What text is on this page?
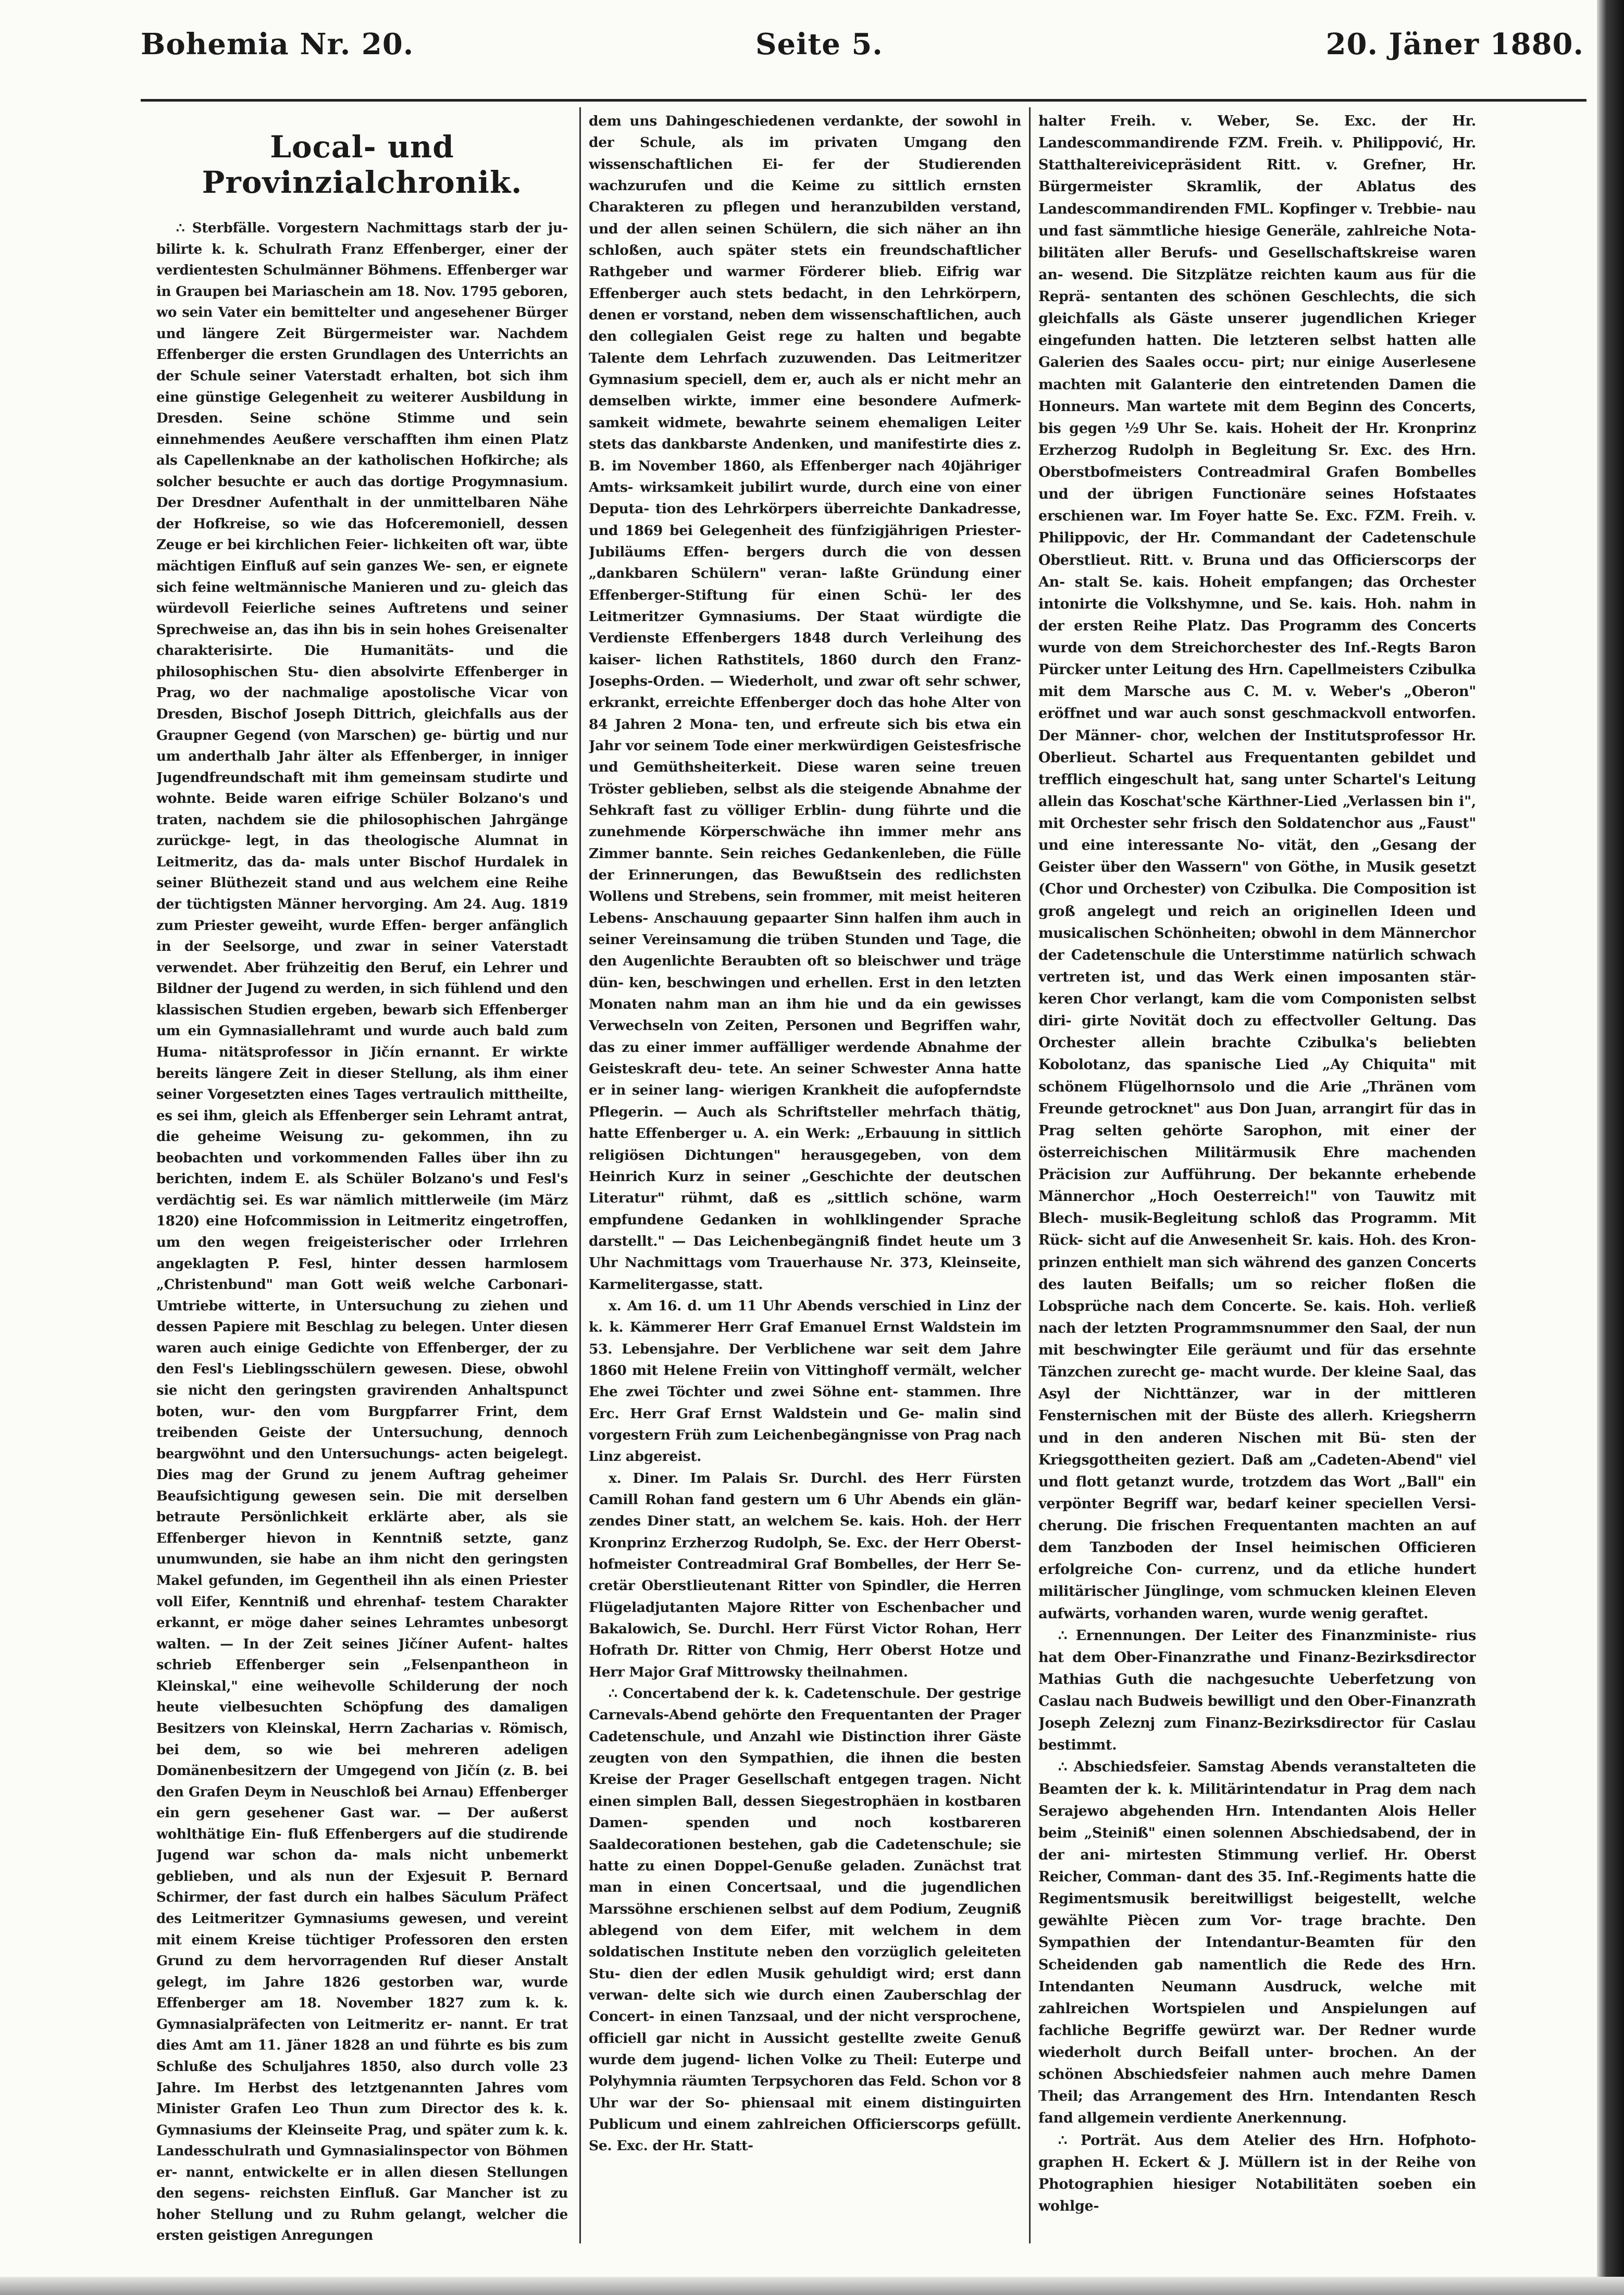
Bohemia Nr. 20.	Seite 5.	20. Jäner 1880.
Local- und Provinzialchronik.

∴ Sterbfälle. Vorgestern Nachmittags starb der ju- bilirte k. k. Schulrath Franz Effenberger, einer der verdientesten Schulmänner Böhmens. Effenberger war in Graupen bei Mariaschein am 18. Nov. 1795 geboren, wo sein Vater ein bemittelter und angesehener Bürger und längere Zeit Bürgermeister war. Nachdem Effenberger die ersten Grundlagen des Unterrichts an der Schule seiner Vaterstadt erhalten, bot sich ihm eine günstige Gelegenheit zu weiterer Ausbildung in Dresden. Seine schöne Stimme und sein einnehmendes Aeußere verschafften ihm einen Platz als Capellenknabe an der katholischen Hofkirche; als solcher besuchte er auch das dortige Progymnasium. Der Dresdner Aufenthalt in der unmittelbaren Nähe der Hofkreise, so wie das Hofceremoniell, dessen Zeuge er bei kirchlichen Feier- lichkeiten oft war, übte mächtigen Einfluß auf sein ganzes We- sen, er eignete sich feine weltmännische Manieren und zu- gleich das würdevoll Feierliche seines Auftretens und seiner Sprechweise an, das ihn bis in sein hohes Greisenalter charakterisirte. Die Humanitäts- und die philosophischen Stu- dien absolvirte Effenberger in Prag, wo der nachmalige apostolische Vicar von Dresden, Bischof Joseph Dittrich, gleichfalls aus der Graupner Gegend (von Marschen) ge- bürtig und nur um anderthalb Jahr älter als Effenberger, in inniger Jugendfreundschaft mit ihm gemeinsam studirte und wohnte. Beide waren eifrige Schüler Bolzano's und traten, nachdem sie die philosophischen Jahrgänge zurückge- legt, in das theologische Alumnat in Leitmeritz, das da- mals unter Bischof Hurdalek in seiner Blüthezeit stand und aus welchem eine Reihe der tüchtigsten Männer hervorging. Am 24. Aug. 1819 zum Priester geweiht, wurde Effen- berger anfänglich in der Seelsorge, und zwar in seiner Vaterstadt verwendet. Aber frühzeitig den Beruf, ein Lehrer und Bildner der Jugend zu werden, in sich fühlend und den klassischen Studien ergeben, bewarb sich Effenberger um ein Gymnasiallehramt und wurde auch bald zum Huma- nitätsprofessor in Jičín ernannt. Er wirkte bereits längere Zeit in dieser Stellung, als ihm einer seiner Vorgesetzten eines Tages vertraulich mittheilte, es sei ihm, gleich als Effenberger sein Lehramt antrat, die geheime Weisung zu- gekommen, ihn zu beobachten und vorkommenden Falles über ihn zu berichten, indem E. als Schüler Bolzano's und Fesl's verdächtig sei. Es war nämlich mittlerweile (im März 1820) eine Hofcommission in Leitmeritz eingetroffen, um den wegen freigeisterischer oder Irrlehren angeklagten P. Fesl, hinter dessen harmlosem „Christenbund" man Gott weiß welche Carbonari-Umtriebe witterte, in Untersuchung zu ziehen und dessen Papiere mit Beschlag zu belegen. Unter diesen waren auch einige Gedichte von Effenberger, der zu den Fesl's Lieblingsschülern gewesen. Diese, obwohl sie nicht den geringsten gravirenden Anhaltspunct boten, wur- den vom Burgpfarrer Frint, dem treibenden Geiste der Untersuchung, dennoch beargwöhnt und den Untersuchungs- acten beigelegt. Dies mag der Grund zu jenem Auftrag geheimer Beaufsichtigung gewesen sein. Die mit derselben betraute Persönlichkeit erklärte aber, als sie Effenberger hievon in Kenntniß setzte, ganz unumwunden, sie habe an ihm nicht den geringsten Makel gefunden, im Gegentheil ihn als einen Priester voll Eifer, Kenntniß und ehrenhaf- testem Charakter erkannt, er möge daher seines Lehramtes unbesorgt walten. — In der Zeit seines Jičíner Aufent- haltes schrieb Effenberger sein „Felsenpantheon in Kleinskal," eine weihevolle Schilderung der noch heute vielbesuchten Schöpfung des damaligen Besitzers von Kleinskal, Herrn Zacharias v. Römisch, bei dem, so wie bei mehreren adeligen Domänenbesitzern der Umgegend von Jičín (z. B. bei den Grafen Deym in Neuschloß bei Arnau) Effenberger ein gern gesehener Gast war. — Der außerst wohlthätige Ein- fluß Effenbergers auf die studirende Jugend war schon da- mals nicht unbemerkt geblieben, und als nun der Exjesuit P. Bernard Schirmer, der fast durch ein halbes Säculum Präfect des Leitmeritzer Gymnasiums gewesen, und vereint mit einem Kreise tüchtiger Professoren den ersten Grund zu dem hervorragenden Ruf dieser Anstalt gelegt, im Jahre 1826 gestorben war, wurde Effenberger am 18. November 1827 zum k. k. Gymnasialpräfecten von Leitmeritz er- nannt. Er trat dies Amt am 11. Jäner 1828 an und führte es bis zum Schluße des Schuljahres 1850, also durch volle 23 Jahre. Im Herbst des letztgenannten Jahres vom Minister Grafen Leo Thun zum Director des k. k. Gymnasiums der Kleinseite Prag, und später zum k. k. Landesschulrath und Gymnasialinspector von Böhmen er- nannt, entwickelte er in allen diesen Stellungen den segens- reichsten Einfluß. Gar Mancher ist zu hoher Stellung und zu Ruhm gelangt, welcher die ersten geistigen Anregungen

dem uns Dahingeschiedenen verdankte, der sowohl in der Schule, als im privaten Umgang den wissenschaftlichen Ei- fer der Studierenden wachzurufen und die Keime zu sittlich ernsten Charakteren zu pflegen und heranzubilden verstand, und der allen seinen Schülern, die sich näher an ihn schloßen, auch später stets ein freundschaftlicher Rathgeber und warmer Förderer blieb. Eifrig war Effenberger auch stets bedacht, in den Lehrkörpern, denen er vorstand, neben dem wissenschaftlichen, auch den collegialen Geist rege zu halten und begabte Talente dem Lehrfach zuzuwenden. Das Leitmeritzer Gymnasium speciell, dem er, auch als er nicht mehr an demselben wirkte, immer eine besondere Aufmerk- samkeit widmete, bewahrte seinem ehemaligen Leiter stets das dankbarste Andenken, und manifestirte dies z. B. im November 1860, als Effenberger nach 40jähriger Amts- wirksamkeit jubilirt wurde, durch eine von einer Deputa- tion des Lehrkörpers überreichte Dankadresse, und 1869 bei Gelegenheit des fünfzigjährigen Priester-Jubiläums Effen- bergers durch die von dessen „dankbaren Schülern" veran- laßte Gründung einer Effenberger-Stiftung für einen Schü- ler des Leitmeritzer Gymnasiums. Der Staat würdigte die Verdienste Effenbergers 1848 durch Verleihung des kaiser- lichen Rathstitels, 1860 durch den Franz-Josephs-Orden. — Wiederholt, und zwar oft sehr schwer, erkrankt, erreichte Effenberger doch das hohe Alter von 84 Jahren 2 Mona- ten, und erfreute sich bis etwa ein Jahr vor seinem Tode einer merkwürdigen Geistesfrische und Gemüthsheiterkeit. Diese waren seine treuen Tröster geblieben, selbst als die steigende Abnahme der Sehkraft fast zu völliger Erblin- dung führte und die zunehmende Körperschwäche ihn immer mehr ans Zimmer bannte. Sein reiches Gedankenleben, die Fülle der Erinnerungen, das Bewußtsein des redlichsten Wollens und Strebens, sein frommer, mit meist heiteren Lebens- Anschauung gepaarter Sinn halfen ihm auch in seiner Vereinsamung die trüben Stunden und Tage, die den Augenlichte Beraubten oft so bleischwer und träge dün- ken, beschwingen und erhellen. Erst in den letzten Monaten nahm man an ihm hie und da ein gewisses Verwechseln von Zeiten, Personen und Begriffen wahr, das zu einer immer auffälliger werdende Abnahme der Geisteskraft deu- tete. An seiner Schwester Anna hatte er in seiner lang- wierigen Krankheit die aufopferndste Pflegerin. — Auch als Schriftsteller mehrfach thätig, hatte Effenberger u. A. ein Werk: „Erbauung in sittlich religiösen Dichtungen" herausgegeben, von dem Heinrich Kurz in seiner „Geschichte der deutschen Literatur" rühmt, daß es „sittlich schöne, warm empfundene Gedanken in wohlklingender Sprache darstellt." — Das Leichenbegängniß findet heute um 3 Uhr Nachmittags vom Trauerhause Nr. 373, Kleinseite, Karmelitergasse, statt.

x. Am 16. d. um 11 Uhr Abends verschied in Linz der k. k. Kämmerer Herr Graf Emanuel Ernst Waldstein im 53. Lebensjahre. Der Verblichene war seit dem Jahre 1860 mit Helene Freiin von Vittinghoff vermält, welcher Ehe zwei Töchter und zwei Söhne ent- stammen. Ihre Erc. Herr Graf Ernst Waldstein und Ge- malin sind vorgestern Früh zum Leichenbegängnisse von Prag nach Linz abgereist.

x. Diner. Im Palais Sr. Durchl. des Herr Fürsten Camill Rohan fand gestern um 6 Uhr Abends ein glän- zendes Diner statt, an welchem Se. kais. Hoh. der Herr Kronprinz Erzherzog Rudolph, Se. Exc. der Herr Oberst- hofmeister Contreadmiral Graf Bombelles, der Herr Se- cretär Oberstlieutenant Ritter von Spindler, die Herren Flügeladjutanten Majore Ritter von Eschenbacher und Bakalowich, Se. Durchl. Herr Fürst Victor Rohan, Herr Hofrath Dr. Ritter von Chmig, Herr Oberst Hotze und Herr Major Graf Mittrowsky theilnahmen.

∴ Concertabend der k. k. Cadetenschule. Der gestrige Carnevals-Abend gehörte den Frequentanten der Prager Cadetenschule, und Anzahl wie Distinction ihrer Gäste zeugten von den Sympathien, die ihnen die besten Kreise der Prager Gesellschaft entgegen tragen. Nicht einen simplen Ball, dessen Siegestrophäen in kostbaren Damen- spenden und noch kostbareren Saaldecorationen bestehen, gab die Cadetenschule; sie hatte zu einen Doppel-Genuße geladen. Zunächst trat man in einen Concertsaal, und die jugendlichen Marssöhne erschienen selbst auf dem Podium, Zeugniß ablegend von dem Eifer, mit welchem in dem soldatischen Institute neben den vorzüglich geleiteten Stu- dien der edlen Musik gehuldigt wird; erst dann verwan- delte sich wie durch einen Zauberschlag der Concert- in einen Tanzsaal, und der nicht versprochene, officiell gar nicht in Aussicht gestellte zweite Genuß wurde dem jugend- lichen Volke zu Theil: Euterpe und Polyhymnia räumten Terpsychoren das Feld. Schon vor 8 Uhr war der So- phiensaal mit einem distinguirten Publicum und einem zahlreichen Officierscorps gefüllt. Se. Exc. der Hr. Statt-

halter Freih. v. Weber, Se. Exc. der Hr. Landescommandirende FZM. Freih. v. Philippović, Hr. Statthaltereivicepräsident Ritt. v. Grefner, Hr. Bürgermeister Skramlik, der Ablatus des Landescommandirenden FML. Kopfinger v. Trebbie- nau und fast sämmtliche hiesige Generäle, zahlreiche Nota- bilitäten aller Berufs- und Gesellschaftskreise waren an- wesend. Die Sitzplätze reichten kaum aus für die Reprä- sentanten des schönen Geschlechts, die sich gleichfalls als Gäste unserer jugendlichen Krieger eingefunden hatten. Die letzteren selbst hatten alle Galerien des Saales occu- pirt; nur einige Auserlesene machten mit Galanterie den eintretenden Damen die Honneurs. Man wartete mit dem Beginn des Concerts, bis gegen ½9 Uhr Se. kais. Hoheit der Hr. Kronprinz Erzherzog Rudolph in Begleitung Sr. Exc. des Hrn. Oberstbofmeisters Contreadmiral Grafen Bombelles und der übrigen Functionäre seines Hofstaates erschienen war. Im Foyer hatte Se. Exc. FZM. Freih. v. Philippovic, der Hr. Commandant der Cadetenschule Oberstlieut. Ritt. v. Bruna und das Officierscorps der An- stalt Se. kais. Hoheit empfangen; das Orchester intonirte die Volkshymne, und Se. kais. Hoh. nahm in der ersten Reihe Platz. Das Programm des Concerts wurde von dem Streichorchester des Inf.-Regts Baron Pürcker unter Leitung des Hrn. Capellmeisters Czibulka mit dem Marsche aus C. M. v. Weber's „Oberon" eröffnet und war auch sonst geschmackvoll entworfen. Der Männer- chor, welchen der Institutsprofessor Hr. Oberlieut. Schartel aus Frequentanten gebildet und trefflich eingeschult hat, sang unter Schartel's Leitung allein das Koschat'sche Kärthner-Lied „Verlassen bin i", mit Orchester sehr frisch den Soldatenchor aus „Faust" und eine interessante No- vität, den „Gesang der Geister über den Wassern" von Göthe, in Musik gesetzt (Chor und Orchester) von Czibulka. Die Composition ist groß angelegt und reich an originellen Ideen und musicalischen Schönheiten; obwohl in dem Männerchor der Cadetenschule die Unterstimme natürlich schwach vertreten ist, und das Werk einen imposanten stär- keren Chor verlangt, kam die vom Componisten selbst diri- girte Novität doch zu effectvoller Geltung. Das Orchester allein brachte Czibulka's beliebten Kobolotanz, das spanische Lied „Ay Chiquita" mit schönem Flügelhornsolo und die Arie „Thränen vom Freunde getrocknet" aus Don Juan, arrangirt für das in Prag selten gehörte Sarophon, mit einer der österreichischen Militärmusik Ehre machenden Präcision zur Aufführung. Der bekannte erhebende Männerchor „Hoch Oesterreich!" von Tauwitz mit Blech- musik-Begleitung schloß das Programm. Mit Rück- sicht auf die Anwesenheit Sr. kais. Hoh. des Kron- prinzen enthielt man sich während des ganzen Concerts des lauten Beifalls; um so reicher floßen die Lobsprüche nach dem Concerte. Se. kais. Hoh. verließ nach der letzten Programmsnummer den Saal, der nun mit beschwingter Eile geräumt und für das ersehnte Tänzchen zurecht ge- macht wurde. Der kleine Saal, das Asyl der Nichttänzer, war in der mittleren Fensternischen mit der Büste des allerh. Kriegsherrn und in den anderen Nischen mit Bü- sten der Kriegsgottheiten geziert. Daß am „Cadeten-Abend" viel und flott getanzt wurde, trotzdem das Wort „Ball" ein verpönter Begriff war, bedarf keiner speciellen Versi- cherung. Die frischen Frequentanten machten an auf dem Tanzboden der Insel heimischen Officieren erfolgreiche Con- currenz, und da etliche hundert militärischer Jünglinge, vom schmucken kleinen Eleven aufwärts, vorhanden waren, wurde wenig geraftet.

∴ Ernennungen. Der Leiter des Finanzministe- rius hat dem Ober-Finanzrathe und Finanz-Bezirksdirector Mathias Guth die nachgesuchte Ueberfetzung von Caslau nach Budweis bewilligt und den Ober-Finanzrath Joseph Zeleznj zum Finanz-Bezirksdirector für Caslau bestimmt.

∴ Abschiedsfeier. Samstag Abends veranstalteten die Beamten der k. k. Militärintendatur in Prag dem nach Serajewo abgehenden Hrn. Intendanten Alois Heller beim „Steiniß" einen solennen Abschiedsabend, der in der ani- mirtesten Stimmung verlief. Hr. Oberst Reicher, Comman- dant des 35. Inf.-Regiments hatte die Regimentsmusik bereitwilligst beigestellt, welche gewählte Piècen zum Vor- trage brachte. Den Sympathien der Intendantur-Beamten für den Scheidenden gab namentlich die Rede des Hrn. Intendanten Neumann Ausdruck, welche mit zahlreichen Wortspielen und Anspielungen auf fachliche Begriffe gewürzt war. Der Redner wurde wiederholt durch Beifall unter- brochen. An der schönen Abschiedsfeier nahmen auch mehre Damen Theil; das Arrangement des Hrn. Intendanten Resch fand allgemein verdiente Anerkennung.

∴ Porträt. Aus dem Atelier des Hrn. Hofphoto- graphen H. Eckert & J. Müllern ist in der Reihe von Photographien hiesiger Notabilitäten soeben ein wohlge-
